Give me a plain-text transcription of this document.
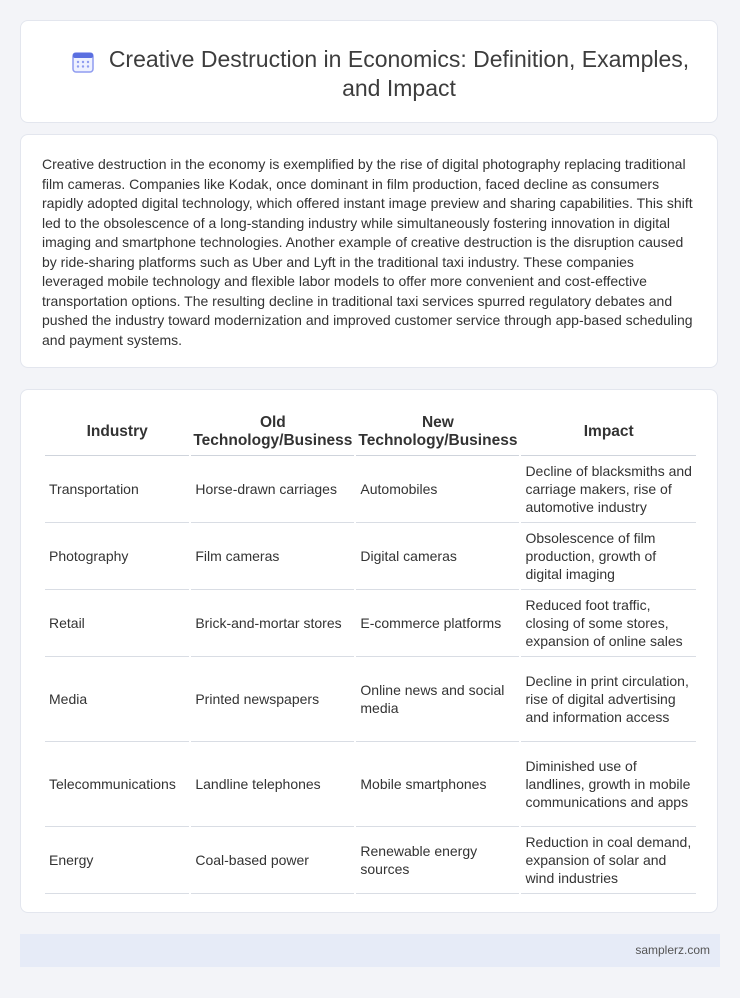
Creative Destruction in Economics: Definition, Examples, and Impact

Creative destruction in the economy is exemplified by the rise of digital photography replacing traditional film cameras. Companies like Kodak, once dominant in film production, faced decline as consumers rapidly adopted digital technology, which offered instant image preview and sharing capabilities. This shift led to the obsolescence of a long-standing industry while simultaneously fostering innovation in digital imaging and smartphone technologies. Another example of creative destruction is the disruption caused by ride-sharing platforms such as Uber and Lyft in the traditional taxi industry. These companies leveraged mobile technology and flexible labor models to offer more convenient and cost-effective transportation options. The resulting decline in traditional taxi services spurred regulatory debates and pushed the industry toward modernization and improved customer service through app-based scheduling and payment systems.

Industry	Old Technology/Business	New Technology/Business	Impact
Transportation	Horse-drawn carriages	Automobiles	Decline of blacksmiths and carriage makers, rise of automotive industry
Photography	Film cameras	Digital cameras	Obsolescence of film production, growth of digital imaging
Retail	Brick-and-mortar stores	E-commerce platforms	Reduced foot traffic, closing of some stores, expansion of online sales
Media	Printed newspapers	Online news and social media	Decline in print circulation, rise of digital advertising and information access
Telecommunications	Landline telephones	Mobile smartphones	Diminished use of landlines, growth in mobile communications and apps
Energy	Coal-based power	Renewable energy sources	Reduction in coal demand, expansion of solar and wind industries
samplerz.com
